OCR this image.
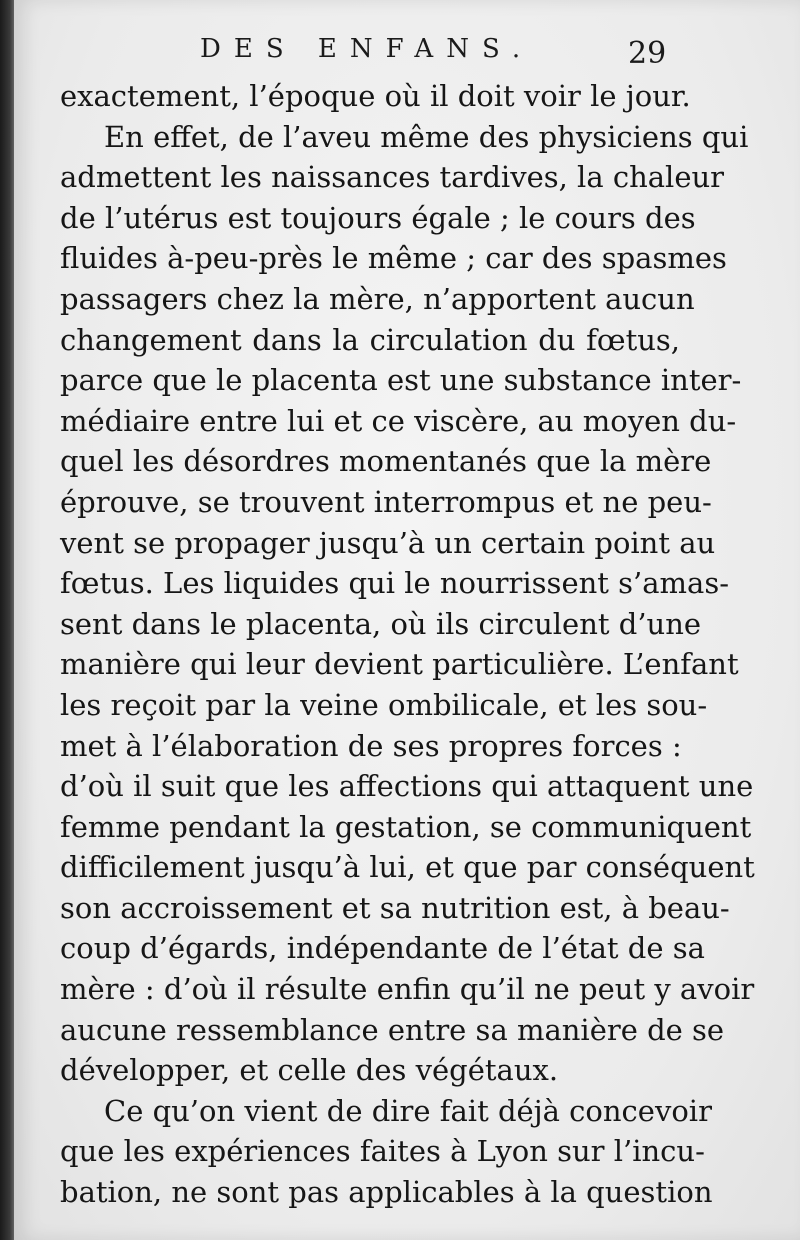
DES ENFANS.	29
exactement, l’époque où il doit voir le jour.
En effet, de l’aveu même des physiciens qui
admettent les naissances tardives, la chaleur
de l’utérus est toujours égale ; le cours des
fluides à-peu-près le même ; car des spasmes
passagers chez la mère, n’apportent aucun
changement dans la circulation du fœtus,
parce que le placenta est une substance inter-
médiaire entre lui et ce viscère, au moyen du-
quel les désordres momentanés que la mère
éprouve, se trouvent interrompus et ne peu-
vent se propager jusqu’à un certain point au
fœtus. Les liquides qui le nourrissent s’amas-
sent dans le placenta, où ils circulent d’une
manière qui leur devient particulière. L’enfant
les reçoit par la veine ombilicale, et les sou-
met à l’élaboration de ses propres forces :
d’où il suit que les affections qui attaquent une
femme pendant la gestation, se communiquent
difficilement jusqu’à lui, et que par conséquent
son accroissement et sa nutrition est, à beau-
coup d’égards, indépendante de l’état de sa
mère : d’où il résulte enfin qu’il ne peut y avoir
aucune ressemblance entre sa manière de se
développer, et celle des végétaux.
Ce qu’on vient de dire fait déjà concevoir
que les expériences faites à Lyon sur l’incu-
bation, ne sont pas applicables à la question
